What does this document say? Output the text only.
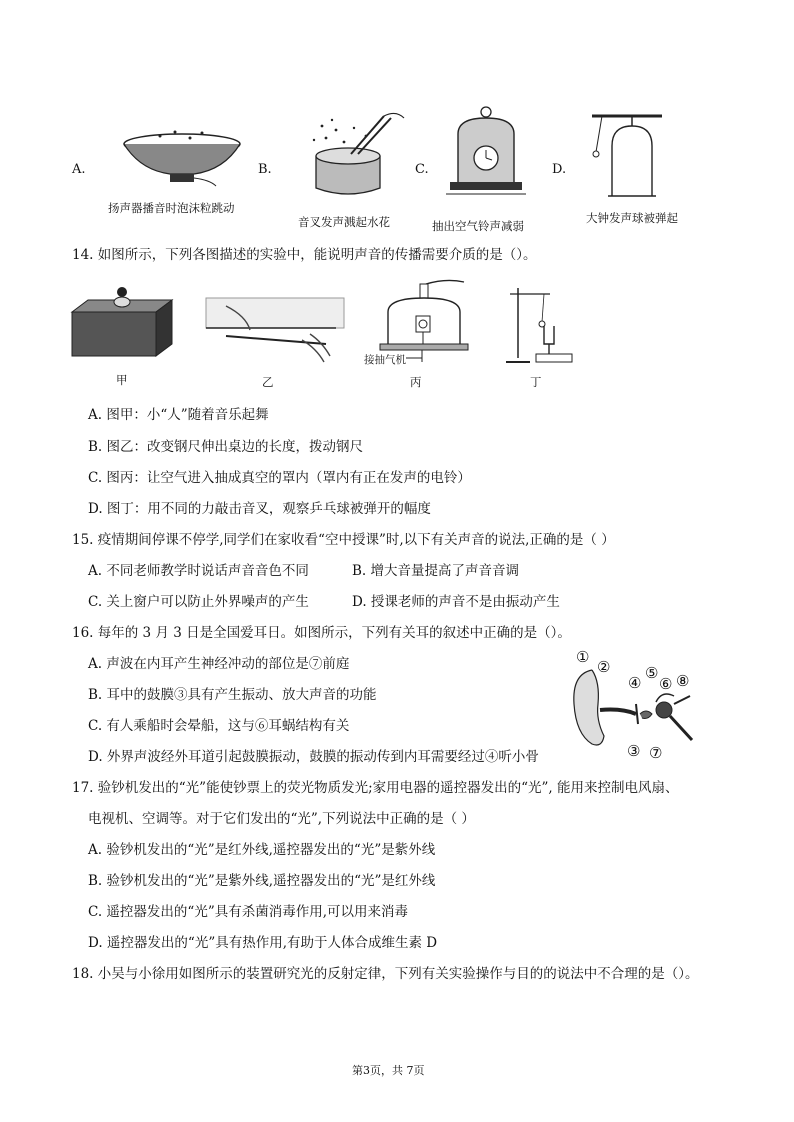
A.	B.	C.	D.
扬声器播音时泡沫粒跳动
音叉发声溅起水花	抽出空气铃声减弱
大钟发声球被弹起
14. 如图所示，下列各图描述的实验中，能说明声音的传播需要介质的是（）。
甲	乙
接抽气机
丙	丁
A. 图甲：小“人”随着音乐起舞
B. 图乙：改变钢尺伸出桌边的长度，拨动钢尺
C. 图丙：让空气进入抽成真空的罩内（罩内有正在发声的电铃）
D. 图丁：用不同的力敲击音叉，观察乒乓球被弹开的幅度
15. 疫情期间停课不停学,同学们在家收看“空中授课”时,以下有关声音的说法,正确的是（ ）
A. 不同老师教学时说话声音音色不同	B. 增大音量提高了声音音调
C. 关上窗户可以防止外界噪声的产生	D. 授课老师的声音不是由振动产生
16. 每年的 3 月 3 日是全国爱耳日。如图所示，下列有关耳的叙述中正确的是（）。
A. 声波在内耳产生神经冲动的部位是⑦前庭
B. 耳中的鼓膜③具有产生振动、放大声音的功能
C. 有人乘船时会晕船，这与⑥耳蜗结构有关
D. 外界声波经外耳道引起鼓膜振动，鼓膜的振动传到内耳需要经过④听小骨
①
②
③
④
⑤
⑥
⑦
⑧
17. 验钞机发出的“光”能使钞票上的荧光物质发光;家用电器的遥控器发出的“光”, 能用来控制电风扇、
电视机、空调等。对于它们发出的“光”,下列说法中正确的是（ ）
A. 验钞机发出的“光”是红外线,遥控器发出的“光”是紫外线
B. 验钞机发出的“光”是紫外线,遥控器发出的“光”是红外线
C. 遥控器发出的“光”具有杀菌消毒作用,可以用来消毒
D. 遥控器发出的“光”具有热作用,有助于人体合成维生素 D
18. 小吴与小徐用如图所示的装置研究光的反射定律，下列有关实验操作与目的的说法中不合理的是（）。
第3页，共 7页
